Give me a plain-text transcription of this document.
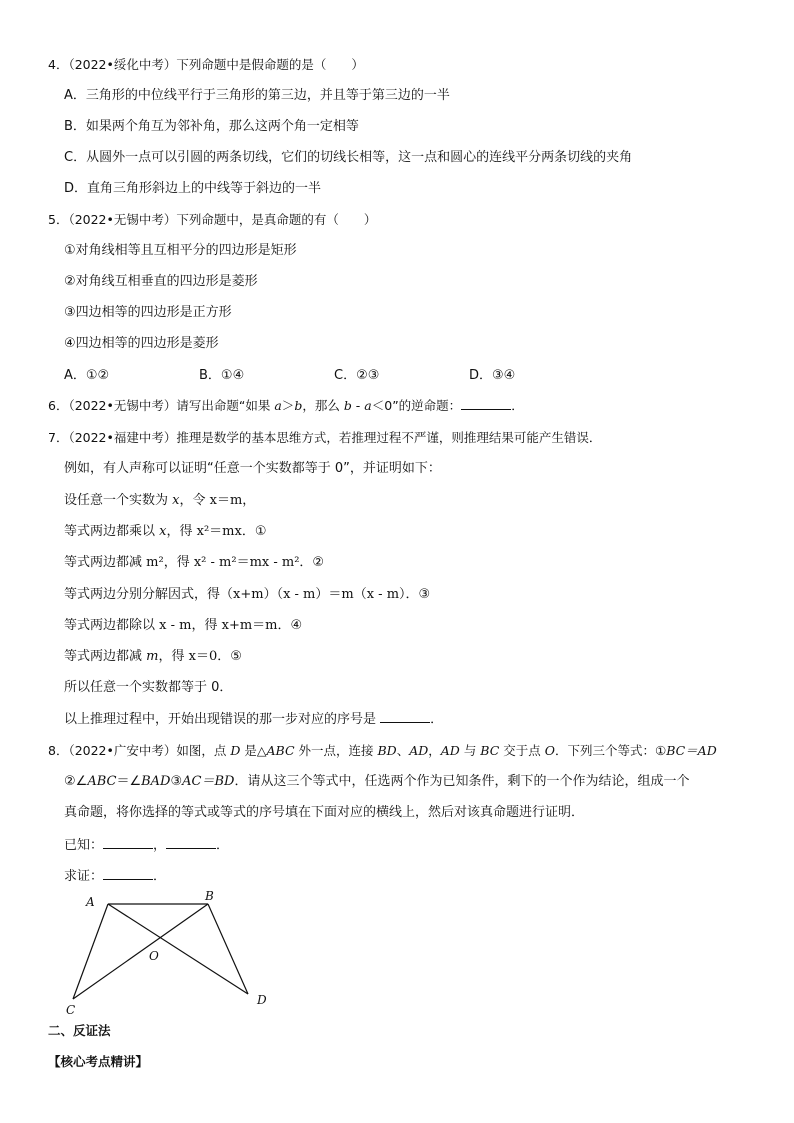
4．（2022•绥化中考）下列命题中是假命题的是（　　）
A．三角形的中位线平行于三角形的第三边，并且等于第三边的一半
B．如果两个角互为邻补角，那么这两个角一定相等
C．从圆外一点可以引圆的两条切线，它们的切线长相等，这一点和圆心的连线平分两条切线的夹角
D．直角三角形斜边上的中线等于斜边的一半
5．（2022•无锡中考）下列命题中，是真命题的有（　　）
①对角线相等且互相平分的四边形是矩形
②对角线互相垂直的四边形是菱形
③四边相等的四边形是正方形
④四边相等的四边形是菱形
A．①②	B．①④	C．②③	D．③④
6．（2022•无锡中考）请写出命题“如果 a＞b，那么 b - a＜0”的逆命题：	．
7．（2022•福建中考）推理是数学的基本思维方式，若推理过程不严谨，则推理结果可能产生错误．
例如，有人声称可以证明“任意一个实数都等于 0”，并证明如下：
设任意一个实数为 x，令 x＝m，
等式两边都乘以 x，得 x²＝mx．①
等式两边都减 m²，得 x² - m²＝mx - m²．②
等式两边分别分解因式，得（x+m）（x - m）＝m（x - m）．③
等式两边都除以 x - m，得 x+m＝m．④
等式两边都减 m，得 x＝0．⑤
所以任意一个实数都等于 0．
以上推理过程中，开始出现错误的那一步对应的序号是	．
8．（2022•广安中考）如图，点 D 是△ABC 外一点，连接 BD、AD，AD 与 BC 交于点 O．下列三个等式：①BC＝AD
②∠ABC＝∠BAD③AC＝BD．请从这三个等式中，任选两个作为已知条件，剩下的一个作为结论，组成一个
真命题，将你选择的等式或等式的序号填在下面对应的横线上，然后对该真命题进行证明．
已知：	，	．
求证：	．
A	B
C
D
O
二、反证法
【核心考点精讲】
